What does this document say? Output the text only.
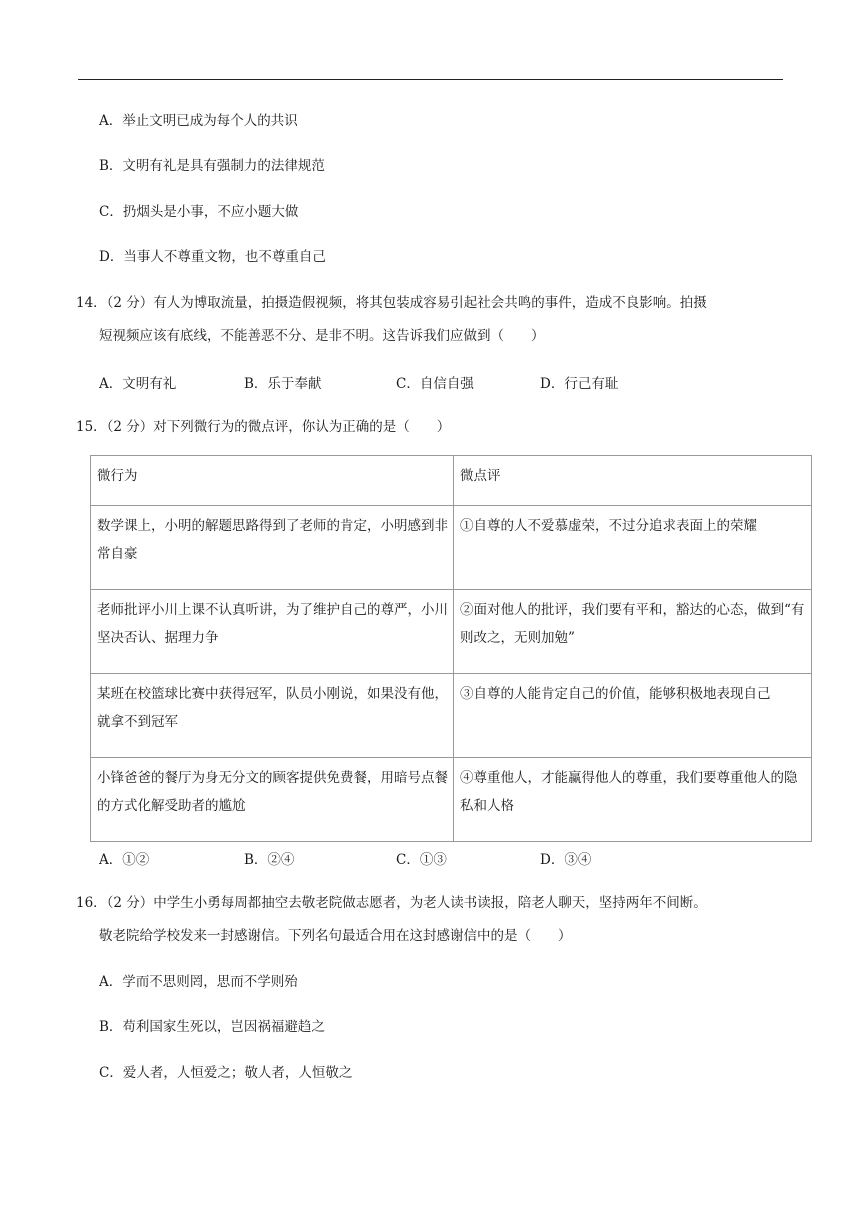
A．举止文明已成为每个人的共识
B．文明有礼是具有强制力的法律规范
C．扔烟头是小事，不应小题大做
D．当事人不尊重文物，也不尊重自己
14．（2 分）有人为博取流量，拍摄造假视频，将其包装成容易引起社会共鸣的事件，造成不良影响。拍摄
短视频应该有底线，不能善恶不分、是非不明。这告诉我们应做到（　　）
A．文明有礼	B．乐于奉献	C．自信自强	D．行己有耻
15．（2 分）对下列微行为的微点评，你认为正确的是（　　）
微行为	微点评
数学课上，小明的解题思路得到了老师的肯定，小明感到非常自豪	①自尊的人不爱慕虚荣，不过分追求表面上的荣耀
老师批评小川上课不认真听讲，为了维护自己的尊严，小川坚决否认、据理力争	②面对他人的批评，我们要有平和，豁达的心态，做到“有则改之，无则加勉”
某班在校篮球比赛中获得冠军，队员小刚说，如果没有他，就拿不到冠军	③自尊的人能肯定自己的价值，能够积极地表现自己
小锋爸爸的餐厅为身无分文的顾客提供免费餐，用暗号点餐的方式化解受助者的尴尬	④尊重他人，才能赢得他人的尊重，我们要尊重他人的隐私和人格
A．①②	B．②④	C．①③	D．③④
16．（2 分）中学生小勇每周都抽空去敬老院做志愿者，为老人读书读报，陪老人聊天，坚持两年不间断。
敬老院给学校发来一封感谢信。下列名句最适合用在这封感谢信中的是（　　）
A．学而不思则罔，思而不学则殆
B．苟利国家生死以，岂因祸福避趋之
C．爱人者，人恒爱之；敬人者，人恒敬之
